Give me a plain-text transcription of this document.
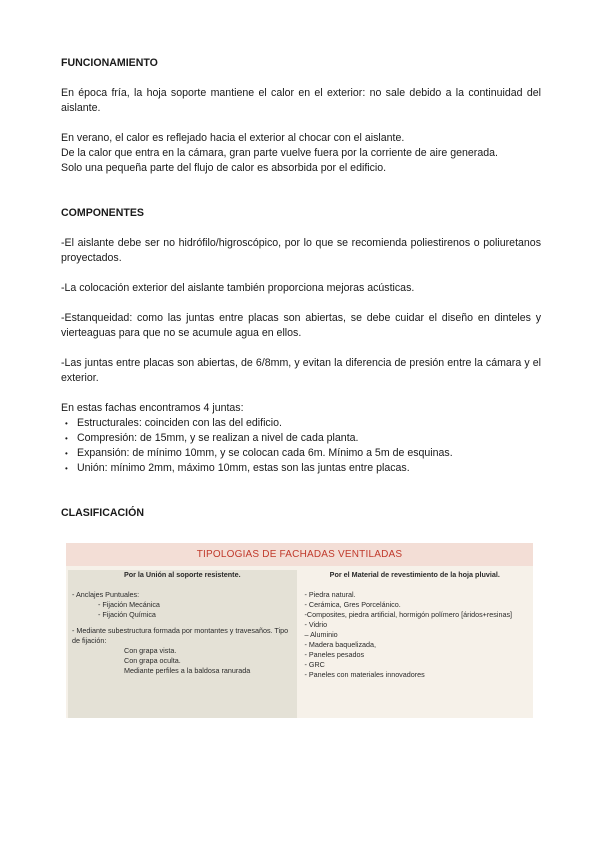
FUNCIONAMIENTO

En época fría, la hoja soporte mantiene el calor en el exterior: no sale debido a la continuidad del aislante.

En verano, el calor es reflejado hacia el exterior al chocar con el aislante.

De la calor que entra en la cámara, gran parte vuelve fuera por la corriente de aire generada.

Solo una pequeña parte del flujo de calor es absorbida por el edificio.

COMPONENTES

-El aislante debe ser no hidrófilo/higroscópico, por lo que se recomienda poliestirenos o poliuretanos proyectados.

-La colocación exterior del aislante también proporciona mejoras acústicas.

-Estanqueidad: como las juntas entre placas son abiertas, se debe cuidar el diseño en dinteles y vierteaguas para que no se acumule agua en ellos.

-Las juntas entre placas son abiertas, de 6/8mm, y evitan la diferencia de presión entre la cámara y el exterior.

En estas fachas encontramos 4 juntas:

• Estructurales: coinciden con las del edificio.
• Compresión: de 15mm, y se realizan a nivel de cada planta.
• Expansión: de mínimo 10mm, y se colocan cada 6m. Mínimo a 5m de esquinas.
• Unión: mínimo 2mm, máximo 10mm, estas son las juntas entre placas.

CLASIFICACIÓN

TIPOLOGIAS DE FACHADAS VENTILADAS
Por la Unión al soporte resistente.
- Anclajes Puntuales:
- Fijación Mecánica
- Fijación Química
- Mediante subestructura formada por montantes y travesaños. Tipo de fijación:
Con grapa vista.
Con grapa oculta.
Mediante perfiles a la baldosa ranurada
Por el Material de revestimiento de la hoja pluvial.
- Piedra natural.
- Cerámica, Gres Porcelánico.
-Composites, piedra artificial, hormigón polímero [áridos+resinas]
- Vidrio
– Aluminio
- Madera baquelizada,
- Paneles pesados
- GRC
- Paneles con materiales innovadores
